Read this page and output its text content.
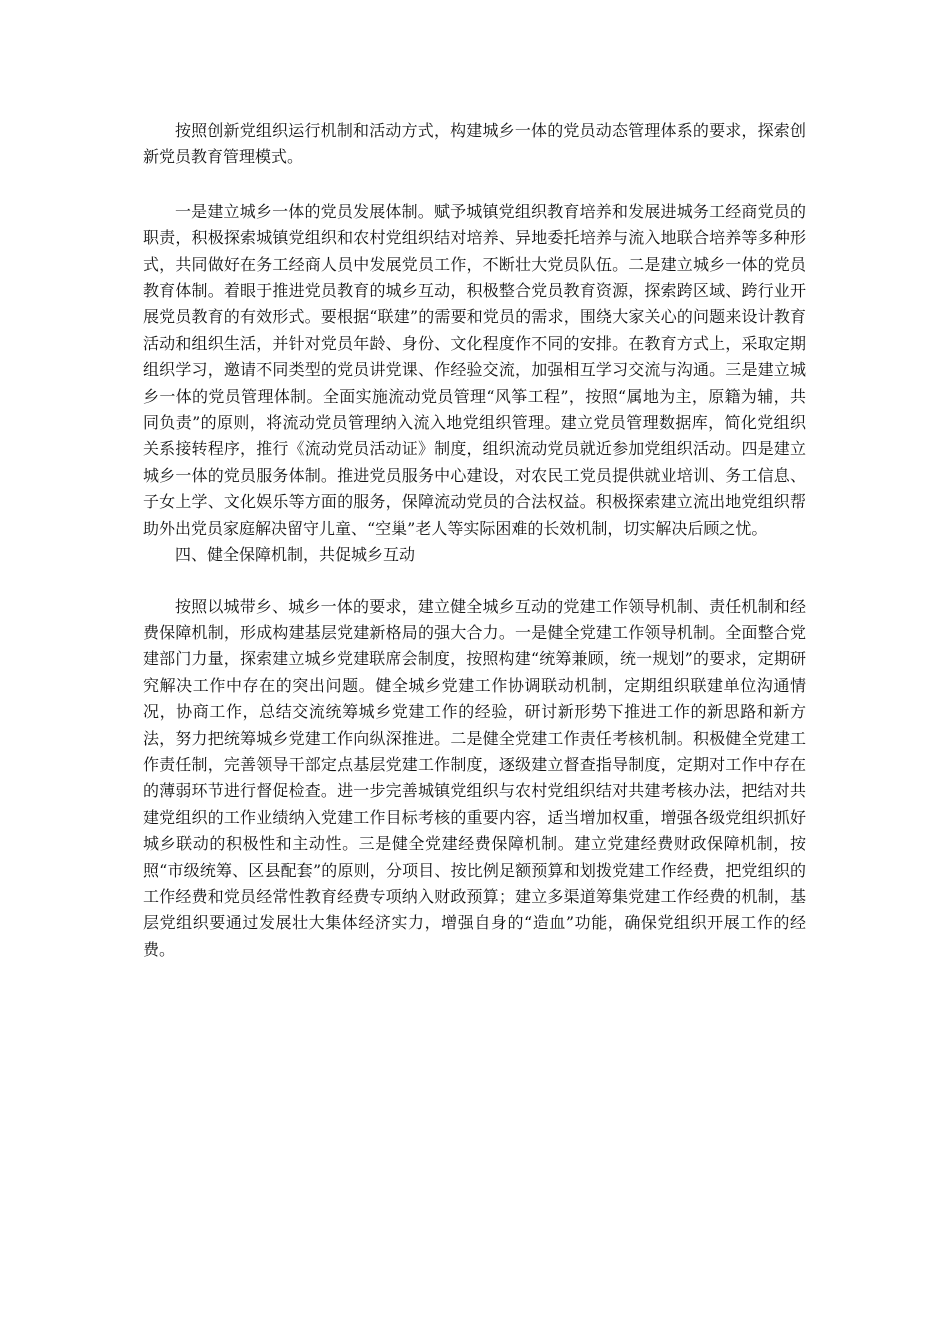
按照创新党组织运行机制和活动方式，构建城乡一体的党员动态管理体系的要求，探索创新党员教育管理模式。

一是建立城乡一体的党员发展体制。赋予城镇党组织教育培养和发展进城务工经商党员的职责，积极探索城镇党组织和农村党组织结对培养、异地委托培养与流入地联合培养等多种形式，共同做好在务工经商人员中发展党员工作，不断壮大党员队伍。二是建立城乡一体的党员教育体制。着眼于推进党员教育的城乡互动，积极整合党员教育资源，探索跨区域、跨行业开展党员教育的有效形式。要根据“联建”的需要和党员的需求，围绕大家关心的问题来设计教育活动和组织生活，并针对党员年龄、身份、文化程度作不同的安排。在教育方式上，采取定期组织学习，邀请不同类型的党员讲党课、作经验交流，加强相互学习交流与沟通。三是建立城乡一体的党员管理体制。全面实施流动党员管理“风筝工程”，按照“属地为主，原籍为辅，共同负责”的原则，将流动党员管理纳入流入地党组织管理。建立党员管理数据库，简化党组织关系接转程序，推行《流动党员活动证》制度，组织流动党员就近参加党组织活动。四是建立城乡一体的党员服务体制。推进党员服务中心建设，对农民工党员提供就业培训、务工信息、子女上学、文化娱乐等方面的服务，保障流动党员的合法权益。积极探索建立流出地党组织帮助外出党员家庭解决留守儿童、“空巢”老人等实际困难的长效机制，切实解决后顾之忧。

四、健全保障机制，共促城乡互动

按照以城带乡、城乡一体的要求，建立健全城乡互动的党建工作领导机制、责任机制和经费保障机制，形成构建基层党建新格局的强大合力。一是健全党建工作领导机制。全面整合党建部门力量，探索建立城乡党建联席会制度，按照构建“统筹兼顾，统一规划”的要求，定期研究解决工作中存在的突出问题。健全城乡党建工作协调联动机制，定期组织联建单位沟通情况，协商工作，总结交流统筹城乡党建工作的经验，研讨新形势下推进工作的新思路和新方法，努力把统筹城乡党建工作向纵深推进。二是健全党建工作责任考核机制。积极健全党建工作责任制，完善领导干部定点基层党建工作制度，逐级建立督查指导制度，定期对工作中存在的薄弱环节进行督促检查。进一步完善城镇党组织与农村党组织结对共建考核办法，把结对共建党组织的工作业绩纳入党建工作目标考核的重要内容，适当增加权重，增强各级党组织抓好城乡联动的积极性和主动性。三是健全党建经费保障机制。建立党建经费财政保障机制，按照“市级统筹、区县配套”的原则，分项目、按比例足额预算和划拨党建工作经费，把党组织的工作经费和党员经常性教育经费专项纳入财政预算；建立多渠道筹集党建工作经费的机制，基层党组织要通过发展壮大集体经济实力，增强自身的“造血”功能，确保党组织开展工作的经费。
